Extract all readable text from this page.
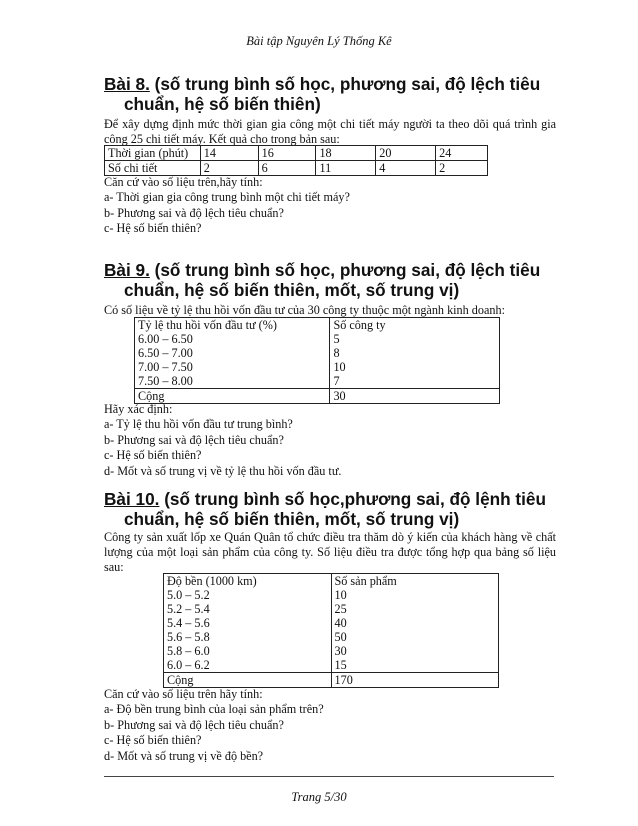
Bài tập Nguyên Lý Thống Kê
Bài 8. (số trung bình số học, phương sai, độ lệch tiêu
chuẩn, hệ số biến thiên)
Để xây dựng định mức thời gian gia công một chi tiết máy người ta theo dõi quá trình gia công 25 chi tiết máy. Kết quả cho trong bản sau:
Thời gian (phút)	14	16	18	20	24
Số chi tiết	2	6	11	4	2
Căn cứ vào số liệu trên,hãy tính:
a- Thời gian gia công trung bình một chi tiết máy?
b- Phương sai và độ lệch tiêu chuẩn?
c- Hệ số biến thiên?
Bài 9. (số trung bình số học, phương sai, độ lệch tiêu
chuẩn, hệ số biến thiên, mốt, số trung vị)
Có số liệu về tỷ lệ thu hồi vốn đầu tư của 30 công ty thuộc một ngành kinh doanh:
Tỷ lệ thu hồi vốn đầu tư (%)	Số công ty
6.00 – 6.50	5
6.50 – 7.00	8
7.00 – 7.50	10
7.50 – 8.00	7
Cộng	30
Hãy xác định:
a- Tỷ lệ thu hồi vốn đầu tư trung bình?
b- Phương sai và độ lệch tiêu chuẩn?
c- Hệ số biến thiên?
d- Mốt và số trung vị về tỷ lệ thu hồi vốn đầu tư.
Bài 10. (số trung bình số học,phương sai, độ lệnh tiêu
chuẩn, hệ số biến thiên, mốt, số trung vị)
Công ty sản xuất lốp xe Quán Quân tổ chức điều tra thăm dò ý kiến của khách hàng về chất lượng của một loại sản phẩm của công ty. Số liệu điều tra được tổng hợp qua bảng số liệu sau:
Độ bền (1000 km)	Số sản phẩm
5.0 – 5.2	10
5.2 – 5.4	25
5.4 – 5.6	40
5.6 – 5.8	50
5.8 – 6.0	30
6.0 – 6.2	15
Cộng	170
Căn cứ vào số liệu trên hãy tính:
a- Độ bền trung bình của loại sản phẩm trên?
b- Phương sai và độ lệch tiêu chuẩn?
c- Hệ số biến thiên?
d- Mốt và số trung vị về độ bền?
Trang 5/30
